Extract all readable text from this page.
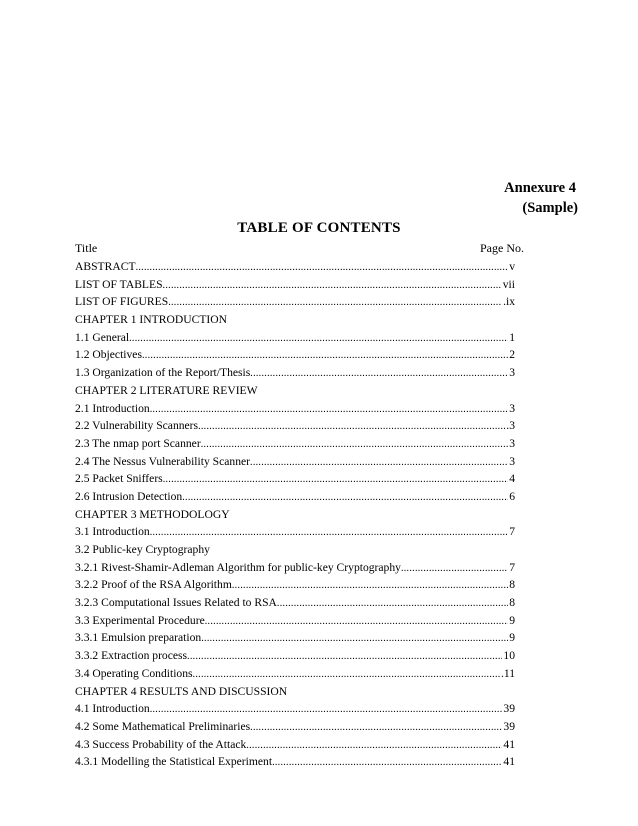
Annexure 4
(Sample)
TABLE OF CONTENTS
Title	Page No.
ABSTRACT .....	v
LIST OF TABLES .....	vii
LIST OF FIGURES .....	.ix
CHAPTER 1 INTRODUCTION
1.1 General .....	1
1.2 Objectives .....	2
1.3 Organization of the Report/Thesis .....	3
CHAPTER 2 LITERATURE REVIEW
2.1 Introduction .....	3
2.2 Vulnerability Scanners .....	.3
2.3 The nmap port Scanner .....	3
2.4 The Nessus Vulnerability Scanner .....	3
2.5 Packet Sniffers .....	4
2.6 Intrusion Detection .....	6
CHAPTER 3 METHODOLOGY
3.1 Introduction .....	7
3.2 Public-key Cryptography
3.2.1 Rivest-Shamir-Adleman Algorithm for public-key Cryptography .....	7
3.2.2 Proof of the RSA Algorithm .....	8
3.2.3 Computational Issues Related to RSA .....	8
3.3 Experimental Procedure .....	9
3.3.1 Emulsion preparation .....	9
3.3.2 Extraction process .....	10
3.4 Operating Conditions .....	.11
CHAPTER 4 RESULTS AND DISCUSSION
4.1 Introduction .....	39
4.2 Some Mathematical Preliminaries .....	39
4.3 Success Probability of the Attack .....	41
4.3.1 Modelling the Statistical Experiment .....	41
